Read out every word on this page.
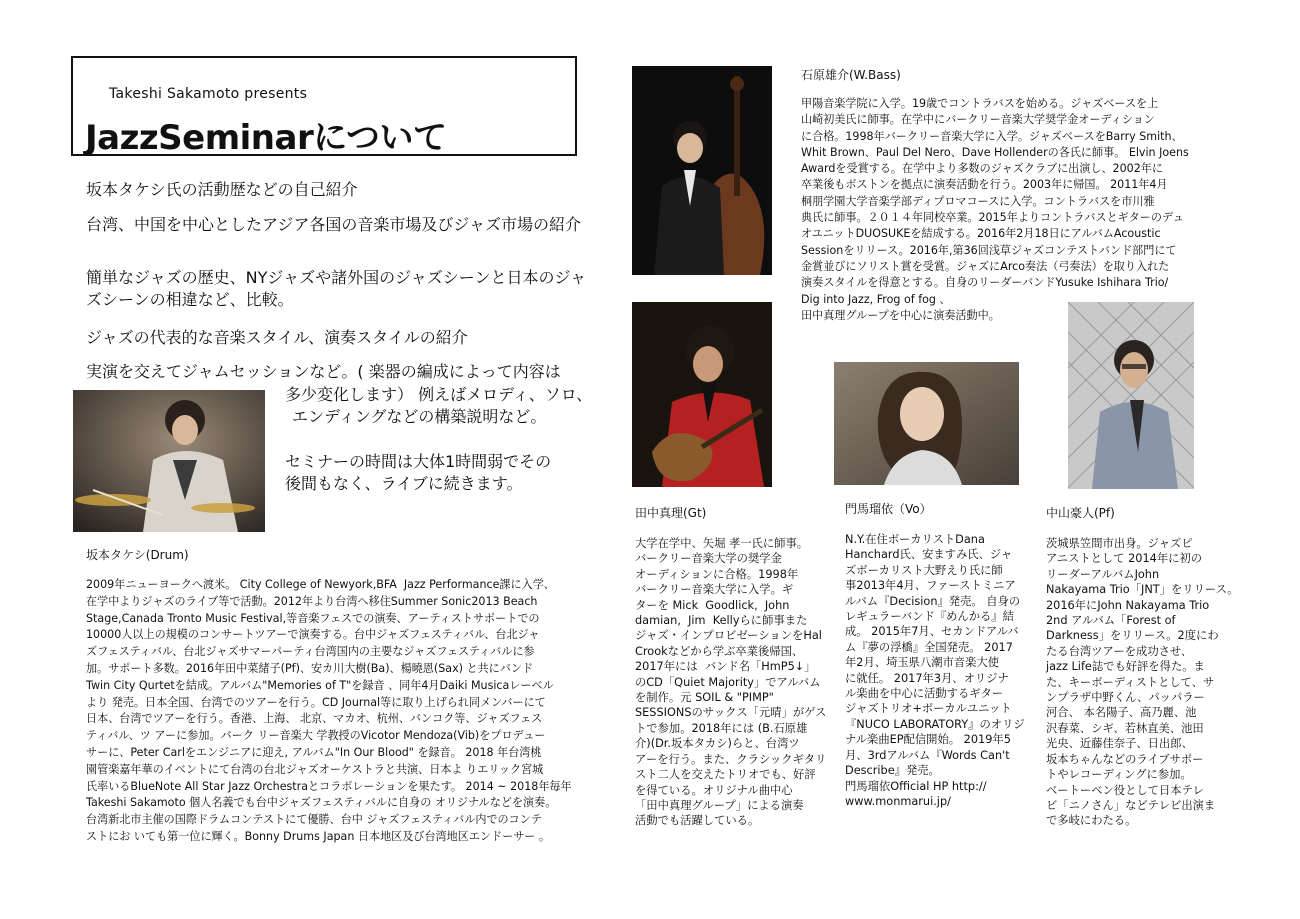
Takeshi Sakamoto presents
JazzSeminarについて
坂本タケシ氏の活動歴などの自己紹介
台湾、中国を中心としたアジア各国の音楽市場及びジャズ市場の紹介
簡単なジャズの歴史、NYジャズや諸外国のジャズシーンと日本のジャズシーンの相違など、比較。
ジャズの代表的な音楽スタイル、演奏スタイルの紹介
実演を交えてジャムセッションなど。( 楽器の編成によって内容は
多少変化します） 例えばメロディ、ソロ、
エンディングなどの構築説明など。
セミナーの時間は大体1時間弱でその
後間もなく、ライブに続きます。
坂本タケシ(Drum)
2009年ニューヨークへ渡米。 City College of Newyork,BFA  Jazz Performance課に入学、
在学中よりジャズのライブ等で活動。2012年より台湾へ移住Summer Sonic2013 Beach
Stage,Canada Tronto Music Festival,等音楽フェスでの演奏、アーティストサポートでの
10000人以上の規模のコンサートツアーで演奏する。台中ジャズフェスティバル、台北ジャ
ズフェスティバル、台北ジャズサマーパーティ台湾国内の主要なジャズフェスティバルに参
加。サポート多数。2016年田中菜緒子(Pf)、安カ川大樹(Ba)、楊曉恩(Sax) と共にバンド
Twin City Qurtetを結成。アルバム"Memories of T"を録音 、同年4月Daiki Musicaレーベル
より 発売。日本全国、台湾でのツアーを行う。CD Journal等に取り上げられ同メンバーにて
日本、台湾でツアーを行う。香港、上海、 北京、マカオ、杭州、バンコク等、ジャズフェス
ティバル、ツ アーに参加。バーク リー音楽大 学教授のVicotor Mendoza(Vib)をプロデュー
サーに、Peter Carlをエンジニアに迎え, アルバム"In Our Blood" を録音。 2018 年台湾桃
園管楽嘉年華のイベントにて台湾の台北ジャズオーケストラと共演、日本よ りエリック宮城
氏率いるBlueNote All Star Jazz Orchestraとコラボレーションを果たす。 2014 ~ 2018年毎年
Takeshi Sakamoto 個人名義でも台中ジャズフェスティバルに自身の オリジナルなどを演奏。
台湾新北市主催の国際ドラムコンテストにて優勝、台中 ジャズフェスティバル内でのコンテ
ストにお いても第一位に輝く。Bonny Drums Japan 日本地区及び台湾地区エンドーサー 。
石原雄介(W.Bass)
甲陽音楽学院に入学。19歳でコントラバスを始める。ジャズベースを上
山崎初美氏に師事。在学中にバークリー音楽大学奨学金オーディション
に合格。1998年バークリー音楽大学に入学。ジャズベースをBarry Smith、
Whit Brown、Paul Del Nero、Dave Hollenderの各氏に師事。 Elvin Joens
Awardを受賞する。在学中より多数のジャズクラブに出演し、2002年に
卒業後もボストンを拠点に演奏活動を行う。2003年に帰国。 2011年4月
桐朋学園大学音楽学部ディプロマコースに入学。コントラバスを市川雅
典氏に師事。２０１４年同校卒業。2015年よりコントラバスとギターのデュ
オユニットDUOSUKEを結成する。2016年2月18日にアルバムAcoustic
Sessionをリリース。2016年,第36回浅草ジャズコンテストバンド部門にて
金賞並びにソリスト賞を受賞。ジャズにArco奏法（弓奏法）を取り入れた
演奏スタイルを得意とする。自身のリーダーバンドYusuke Ishihara Trio/
Dig into Jazz, Frog of fog 、
田中真理グループを中心に演奏活動中。
田中真理(Gt)
大学在学中、矢堀 孝一氏に師事。
バークリー音楽大学の奨学金
オーディションに合格。1998年
バークリー音楽大学に入学。ギ
ターを Mick  Goodlick,  John
damian,  Jim  Kellyらに師事また
ジャズ・インプロビゼーションをHal
Crookなどから学ぶ卒業後帰国、
2017年には  バンド名「HmP5↓」
のCD「Quiet Majority」でアルバム
を制作。元 SOIL & "PIMP"
SESSIONSのサックス「元晴」がゲス
トで参加。2018年には (B.石原雄
介)(Dr.坂本タカシ)らと、台湾ツ
アーを行う。また、クラシックギタリ
スト二人を交えたトリオでも、好評
を得ている。オリジナル曲中心
「田中真理グループ」による演奏
活動でも活躍している。
門馬瑠依（Vo）
N.Y.在住ボーカリストDana
Hanchard氏、安ますみ氏、ジャ
ズボーカリスト大野えり氏に師
事2013年4月、ファーストミニア
ルバム『Decision』発売。 自身の
レギュラーバンド『めんかる』結
成。 2015年7月、セカンドアルバ
ム『夢の浮橋』全国発売。 2017
年2月、埼玉県八潮市音楽大使
に就任。 2017年3月、オリジナ
ル楽曲を中心に活動するギター
ジャズトリオ+ボーカルユニット
『NUCO LABORATORY』のオリジ
ナル楽曲EP配信開始。 2019年5
月、3rdアルバム『Words Can't
Describe』発売。
門馬瑠依Official HP http://
www.monmarui.jp/
中山豪人(Pf)
茨城県笠間市出身。ジャズピ
アニストとして 2014年に初の
リーダーアルバムJohn
Nakayama Trio「JNT」をリリース。
2016年にJohn Nakayama Trio
2nd アルバム「Forest of
Darkness」をリリース。2度にわ
たる台湾ツアーを成功させ、
jazz Life誌でも好評を得た。ま
た、キーボーディストとして、サ
ンプラザ中野くん、パッパラー
河合、 本名陽子、高乃麗、池
沢春菜、シギ、若林直美、池田
光央、近藤佳奈子、日出郎、
坂本ちゃんなどのライブサポー
トやレコーディングに参加。
ベートーベン役として日本テレ
ビ「ニノさん」などテレビ出演ま
で多岐にわたる。
